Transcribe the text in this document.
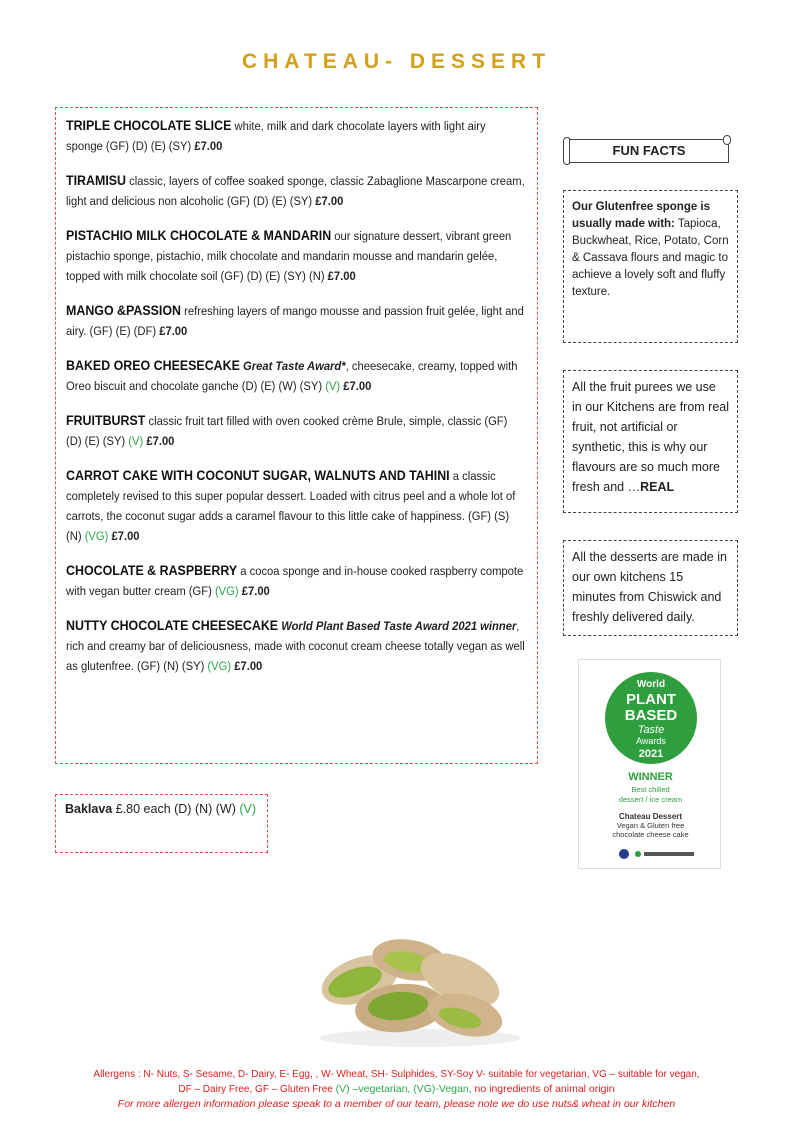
CHATEAU- DESSERT

TRIPLE CHOCOLATE SLICE white, milk and dark chocolate layers with light airy sponge (GF) (D) (E) (SY) £7.00

TIRAMISU classic, layers of coffee soaked sponge, classic Zabaglione Mascarpone cream, light and delicious non alcoholic (GF) (D) (E) (SY) £7.00

PISTACHIO MILK CHOCOLATE & MANDARIN our signature dessert, vibrant green pistachio sponge, pistachio, milk chocolate and mandarin mousse and mandarin gelée, topped with milk chocolate soil (GF) (D) (E) (SY) (N) £7.00

MANGO &PASSION refreshing layers of mango mousse and passion fruit gelée, light and airy. (GF) (E) (DF) £7.00

BAKED OREO CHEESECAKE Great Taste Award*, cheesecake, creamy, topped with Oreo biscuit and chocolate ganche (D) (E) (W) (SY) (V) £7.00

FRUITBURST classic fruit tart filled with oven cooked crème Brule, simple, classic (GF) (D) (E) (SY) (V) £7.00

CARROT CAKE WITH COCONUT SUGAR, WALNUTS AND TAHINI a classic completely revised to this super popular dessert. Loaded with citrus peel and a whole lot of carrots, the coconut sugar adds a caramel flavour to this little cake of happiness. (GF) (S) (N) (VG) £7.00

CHOCOLATE & RASPBERRY a cocoa sponge and in-house cooked raspberry compote with vegan butter cream (GF) (VG) £7.00

NUTTY CHOCOLATE CHEESECAKE World Plant Based Taste Award 2021 winner, rich and creamy bar of deliciousness, made with coconut cream cheese totally vegan as well as glutenfree. (GF) (N) (SY) (VG) £7.00

Baklava £.80 each (D) (N) (W) (V)
FUN FACTS
Our Glutenfree sponge is usually made with: Tapioca, Buckwheat, Rice, Potato, Corn & Cassava flours and magic to achieve a lovely soft and fluffy texture.
All the fruit purees we use in our Kitchens are from real fruit, not artificial or synthetic, this is why our flavours are so much more fresh and …REAL
All the desserts are made in our own kitchens 15 minutes from Chiswick and freshly delivered daily.
World
PLANT
BASED
Taste
Awards
2021
WINNER
Best chilled
dessert / ice cream
Chateau Dessert
Vegan & Gluten free
chocolate cheese cake
Allergens : N- Nuts, S- Sesame, D- Dairy, E- Egg, , W- Wheat, SH- Sulphides, SY-Soy V- suitable for vegetarian, VG – suitable for vegan,
DF – Dairy Free, GF – Gluten Free (V) –vegetarian, (VG)-Vegan, no ingredients of animal origin
For more allergen information please speak to a member of our team, please note we do use nuts& wheat in our kitchen
